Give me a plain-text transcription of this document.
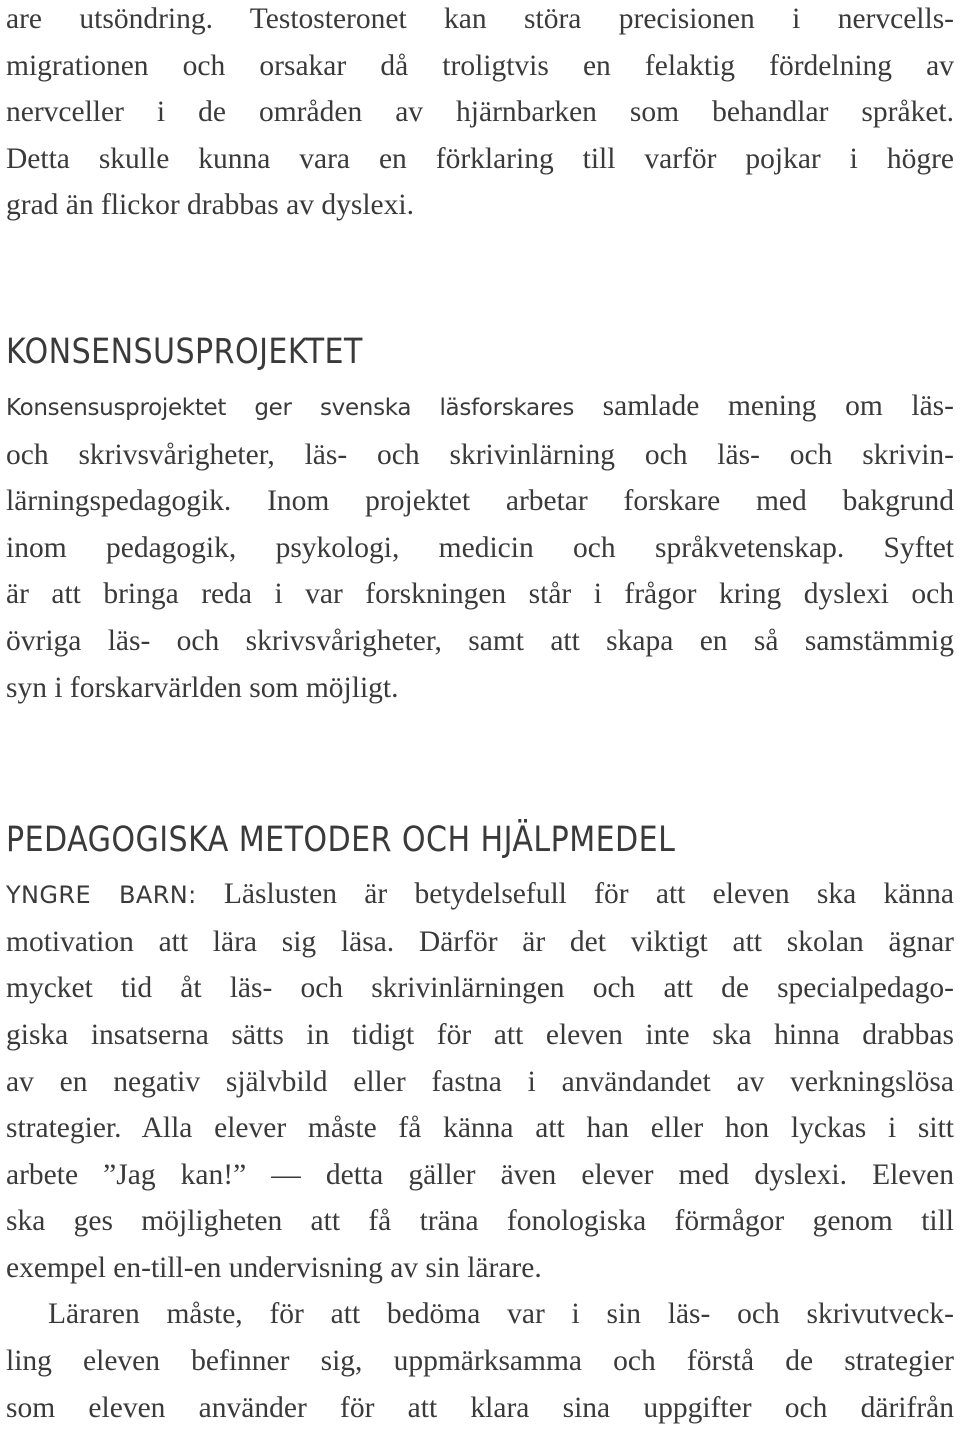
are utsöndring. Testosteronet kan störa precisionen i nervcells-
migrationen och orsakar då troligtvis en felaktig fördelning av
nervceller i de områden av hjärnbarken som behandlar språket.
Detta skulle kunna vara en förklaring till varför pojkar i högre
grad än flickor drabbas av dyslexi.

KONSENSUSPROJEKTET

Konsensusprojektet ger svenska läsforskares samlade mening om läs-
och skrivsvårigheter, läs- och skrivinlärning och läs- och skrivin-
lärningspedagogik. Inom projektet arbetar forskare med bakgrund
inom pedagogik, psykologi, medicin och språkvetenskap. Syftet
är att bringa reda i var forskningen står i frågor kring dyslexi och
övriga läs- och skrivsvårigheter, samt att skapa en så samstämmig
syn i forskarvärlden som möjligt.

PEDAGOGISKA METODER OCH HJÄLPMEDEL

YNGRE BARN: Läslusten är betydelsefull för att eleven ska känna
motivation att lära sig läsa. Därför är det viktigt att skolan ägnar
mycket tid åt läs- och skrivinlärningen och att de specialpedago-
giska insatserna sätts in tidigt för att eleven inte ska hinna drabbas
av en negativ självbild eller fastna i användandet av verkningslösa
strategier. Alla elever måste få känna att han eller hon lyckas i sitt
arbete ”Jag kan!” — detta gäller även elever med dyslexi. Eleven
ska ges möjligheten att få träna fonologiska förmågor genom till
exempel en-till-en undervisning av sin lärare.

Läraren måste, för att bedöma var i sin läs- och skrivutveck-
ling eleven befinner sig, uppmärksamma och förstå de strategier
som eleven använder för att klara sina uppgifter och därifrån
